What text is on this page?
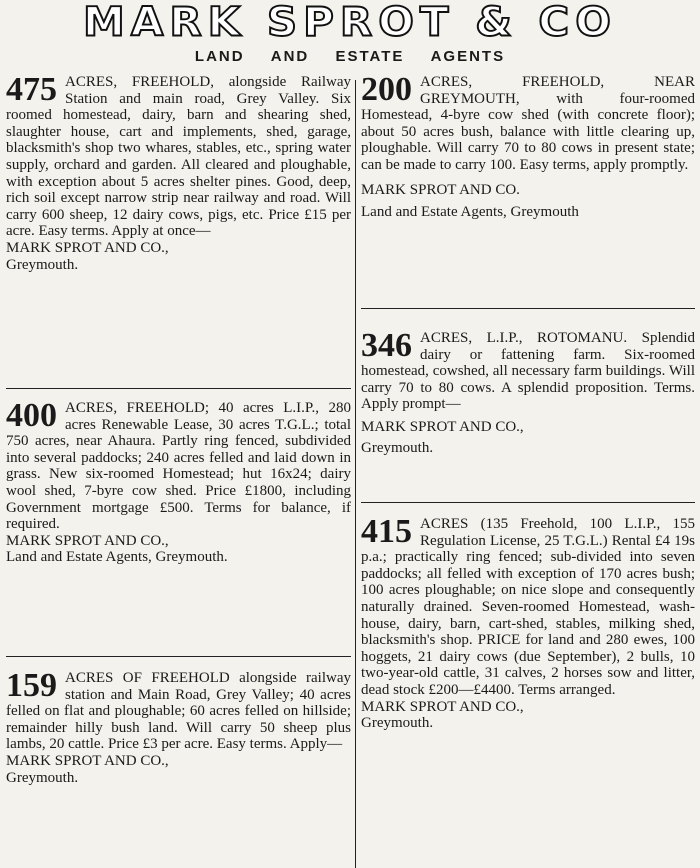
MARK SPROT & CO
LAND AND ESTATE AGENTS

475 ACRES, FREEHOLD, alongside Railway Station and main road, Grey Valley. Six roomed homestead, dairy, barn and shearing shed, slaughter house, cart and implements, shed, garage, blacksmith's shop two whares, stables, etc., spring water supply, orchard and garden. All cleared and ploughable, with exception about 5 acres shelter pines. Good, deep, rich soil except narrow strip near railway and road. Will carry 600 sheep, 12 dairy cows, pigs, etc. Price £15 per acre. Easy terms. Apply at once—

MARK SPROT AND CO.,

Greymouth.

400 ACRES, FREEHOLD; 40 acres L.I.P., 280 acres Renewable Lease, 30 acres T.G.L.; total 750 acres, near Ahaura. Partly ring fenced, subdivided into several paddocks; 240 acres felled and laid down in grass. New six-roomed Homestead; hut 16x24; dairy wool shed, 7-byre cow shed. Price £1800, including Government mortgage £500. Terms for balance, if required.

MARK SPROT AND CO.,

Land and Estate Agents, Greymouth.

159 ACRES OF FREEHOLD alongside railway station and Main Road, Grey Valley; 40 acres felled on flat and ploughable; 60 acres felled on hillside; remainder hilly bush land. Will carry 50 sheep plus lambs, 20 cattle. Price £3 per acre. Easy terms. Apply—

MARK SPROT AND CO.,

Greymouth.

200 ACRES, FREEHOLD, NEAR GREYMOUTH, with four-roomed Homestead, 4-byre cow shed (with concrete floor); about 50 acres bush, balance with little clearing up, ploughable. Will carry 70 to 80 cows in present state; can be made to carry 100. Easy terms, apply promptly.

MARK SPROT AND CO.

Land and Estate Agents, Greymouth

346 ACRES, L.I.P., ROTOMANU. Splendid dairy or fattening farm. Six-roomed homestead, cowshed, all necessary farm buildings. Will carry 70 to 80 cows. A splendid proposition. Terms. Apply prompt—

MARK SPROT AND CO.,

Greymouth.

415 ACRES (135 Freehold, 100 L.I.P., 155 Regulation License, 25 T.G.L.) Rental £4 19s p.a.; practically ring fenced; sub-divided into seven paddocks; all felled with exception of 170 acres bush; 100 acres ploughable; on nice slope and consequently naturally drained. Seven-roomed Homestead, wash-house, dairy, barn, cart-shed, stables, milking shed, blacksmith's shop. PRICE for land and 280 ewes, 100 hoggets, 21 dairy cows (due September), 2 bulls, 10 two-year-old cattle, 31 calves, 2 horses sow and litter, dead stock £200—£4400. Terms arranged.

MARK SPROT AND CO.,

Greymouth.
